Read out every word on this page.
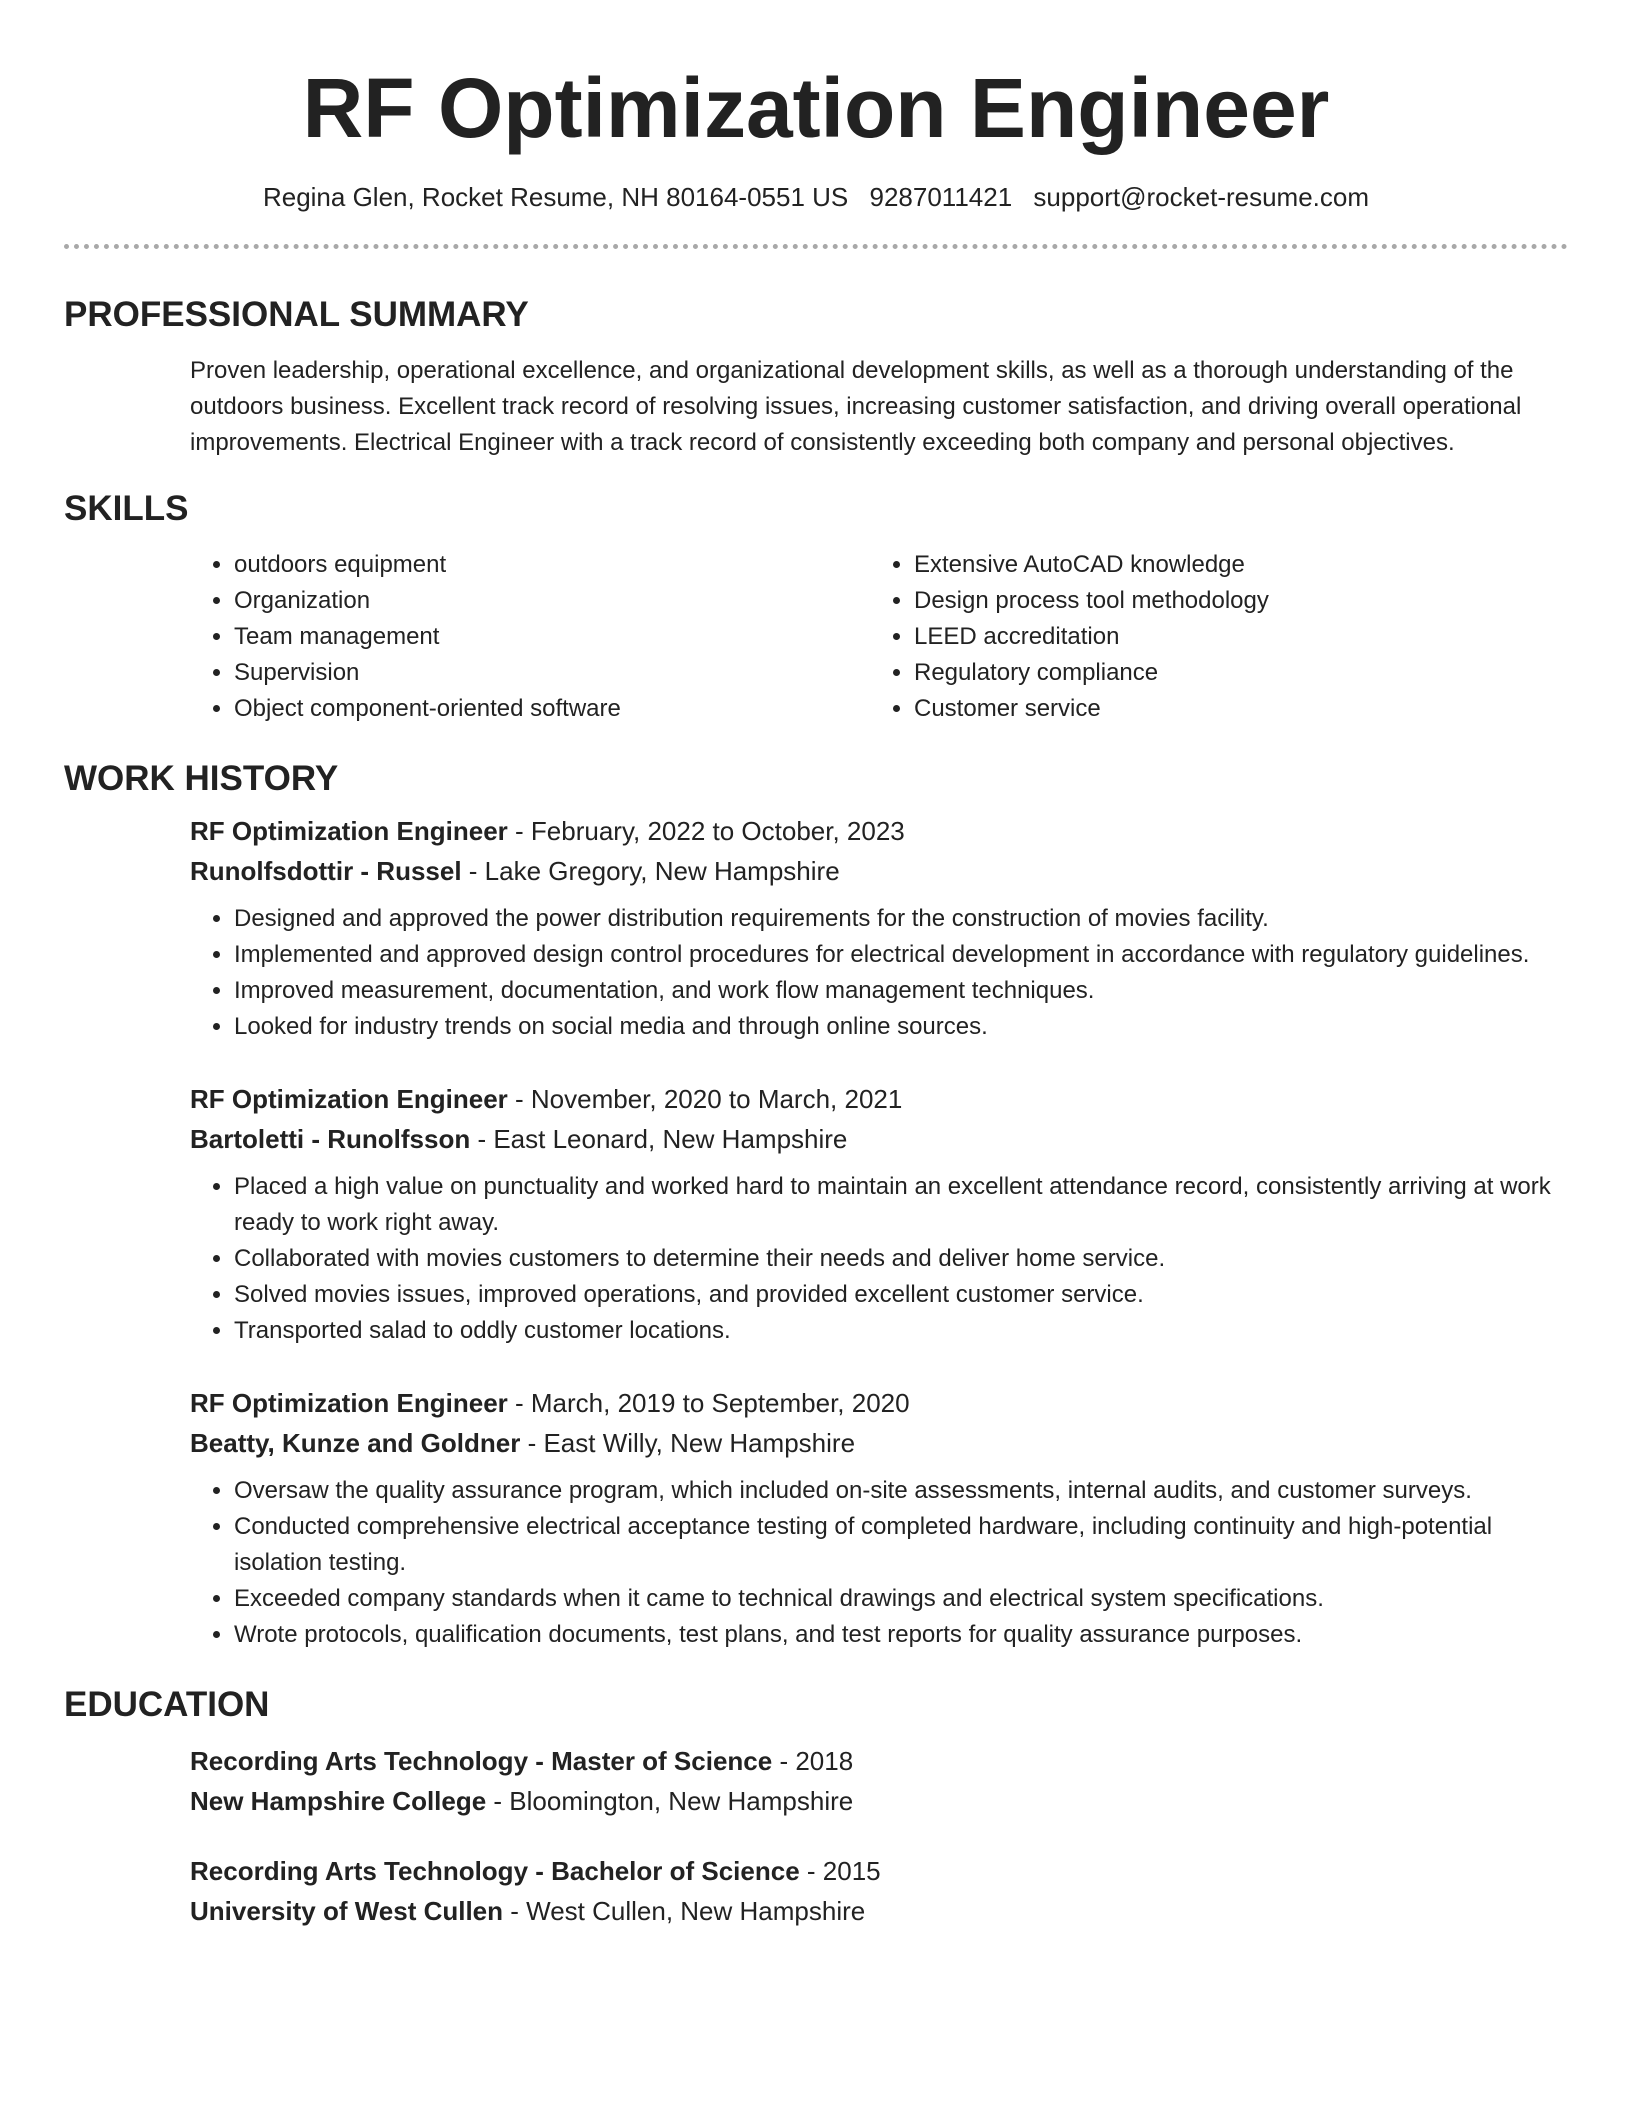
RF Optimization Engineer
Regina Glen, Rocket Resume, NH 80164-0551 US 9287011421 support@rocket-resume.com
PROFESSIONAL SUMMARY

Proven leadership, operational excellence, and organizational development skills, as well as a thorough understanding of the outdoors business. Excellent track record of resolving issues, increasing customer satisfaction, and driving overall operational improvements. Electrical Engineer with a track record of consistently exceeding both company and personal objectives.

SKILLS
• outdoors equipment
• Organization
• Team management
• Supervision
• Object component-oriented software
• Extensive AutoCAD knowledge
• Design process tool methodology
• LEED accreditation
• Regulatory compliance
• Customer service
WORK HISTORY
RF Optimization Engineer - February, 2022 to October, 2023
Runolfsdottir - Russel - Lake Gregory, New Hampshire
• Designed and approved the power distribution requirements for the construction of movies facility.
• Implemented and approved design control procedures for electrical development in accordance with regulatory guidelines.
• Improved measurement, documentation, and work flow management techniques.
• Looked for industry trends on social media and through online sources.
RF Optimization Engineer - November, 2020 to March, 2021
Bartoletti - Runolfsson - East Leonard, New Hampshire
• Placed a high value on punctuality and worked hard to maintain an excellent attendance record, consistently arriving at work ready to work right away.
• Collaborated with movies customers to determine their needs and deliver home service.
• Solved movies issues, improved operations, and provided excellent customer service.
• Transported salad to oddly customer locations.
RF Optimization Engineer - March, 2019 to September, 2020
Beatty, Kunze and Goldner - East Willy, New Hampshire
• Oversaw the quality assurance program, which included on-site assessments, internal audits, and customer surveys.
• Conducted comprehensive electrical acceptance testing of completed hardware, including continuity and high-potential isolation testing.
• Exceeded company standards when it came to technical drawings and electrical system specifications.
• Wrote protocols, qualification documents, test plans, and test reports for quality assurance purposes.
EDUCATION
Recording Arts Technology - Master of Science - 2018
New Hampshire College - Bloomington, New Hampshire
Recording Arts Technology - Bachelor of Science - 2015
University of West Cullen - West Cullen, New Hampshire
